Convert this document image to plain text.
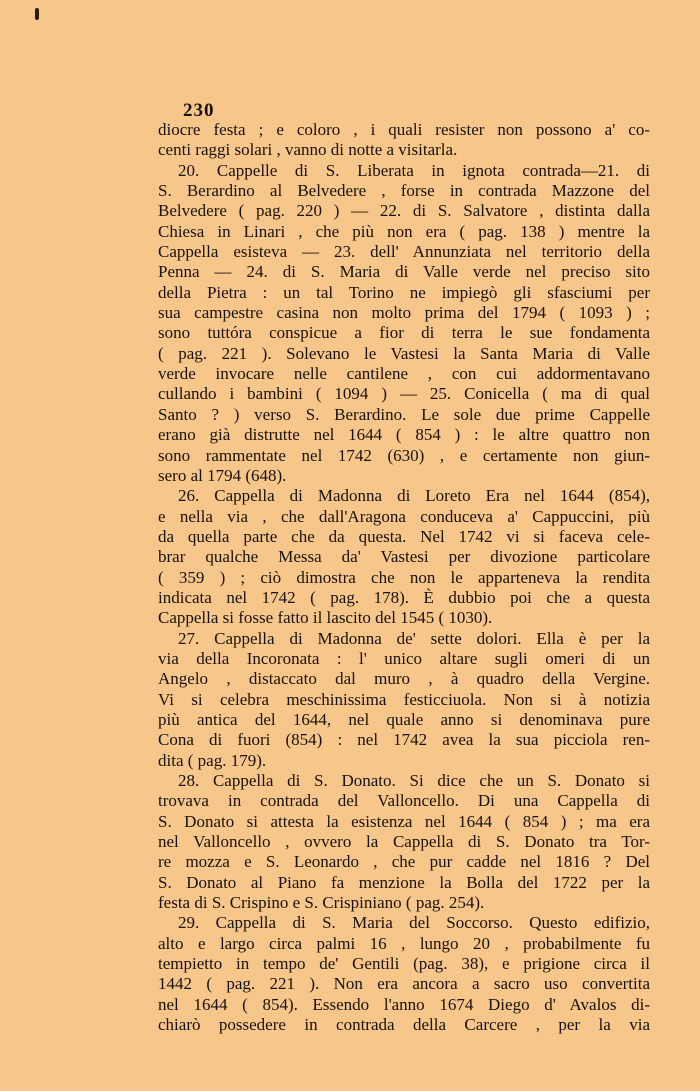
230
diocre festa ; e coloro , i quali resister non possono a' co-
centi raggi solari , vanno di notte a visitarla.
20. Cappelle di S. Liberata in ignota contrada—21. di
S. Berardino al Belvedere , forse in contrada Mazzone del
Belvedere ( pag. 220 ) — 22. di S. Salvatore , distinta dalla
Chiesa in Linari , che più non era ( pag. 138 ) mentre la
Cappella esisteva — 23. dell' Annunziata nel territorio della
Penna — 24. di S. Maria di Valle verde nel preciso sito
della Pietra : un tal Torino ne impiegò gli sfasciumi per
sua campestre casina non molto prima del 1794 ( 1093 ) ;
sono tuttóra conspicue a fior di terra le sue fondamenta
( pag. 221 ). Solevano le Vastesi la Santa Maria di Valle
verde invocare nelle cantilene , con cui addormentavano
cullando i bambini ( 1094 ) — 25. Conicella ( ma di qual
Santo ? ) verso S. Berardino. Le sole due prime Cappelle
erano già distrutte nel 1644 ( 854 ) : le altre quattro non
sono rammentate nel 1742 (630) , e certamente non giun-
sero al 1794 (648).
26. Cappella di Madonna di Loreto Era nel 1644 (854),
e nella via , che dall'Aragona conduceva a' Cappuccini, più
da quella parte che da questa. Nel 1742 vi si faceva cele-
brar qualche Messa da' Vastesi per divozione particolare
( 359 ) ; ciò dimostra che non le apparteneva la rendita
indicata nel 1742 ( pag. 178). È dubbio poi che a questa
Cappella si fosse fatto il lascito del 1545 ( 1030).
27. Cappella di Madonna de' sette dolori. Ella è per la
via della Incoronata : l' unico altare sugli omeri di un
Angelo , distaccato dal muro , à quadro della Vergine.
Vi si celebra meschinissima festicciuola. Non si à notizia
più antica del 1644, nel quale anno si denominava pure
Cona di fuori (854) : nel 1742 avea la sua picciola ren-
dita ( pag. 179).
28. Cappella di S. Donato. Si dice che un S. Donato si
trovava in contrada del Valloncello. Di una Cappella di
S. Donato si attesta la esistenza nel 1644 ( 854 ) ; ma era
nel Valloncello , ovvero la Cappella di S. Donato tra Tor-
re mozza e S. Leonardo , che pur cadde nel 1816 ? Del
S. Donato al Piano fa menzione la Bolla del 1722 per la
festa di S. Crispino e S. Crispiniano ( pag. 254).
29. Cappella di S. Maria del Soccorso. Questo edifizio,
alto e largo circa palmi 16 , lungo 20 , probabilmente fu
tempietto in tempo de' Gentili (pag. 38), e prigione circa il
1442 ( pag. 221 ). Non era ancora a sacro uso convertita
nel 1644 ( 854). Essendo l'anno 1674 Diego d' Avalos di-
chiarò possedere in contrada della Carcere , per la via
